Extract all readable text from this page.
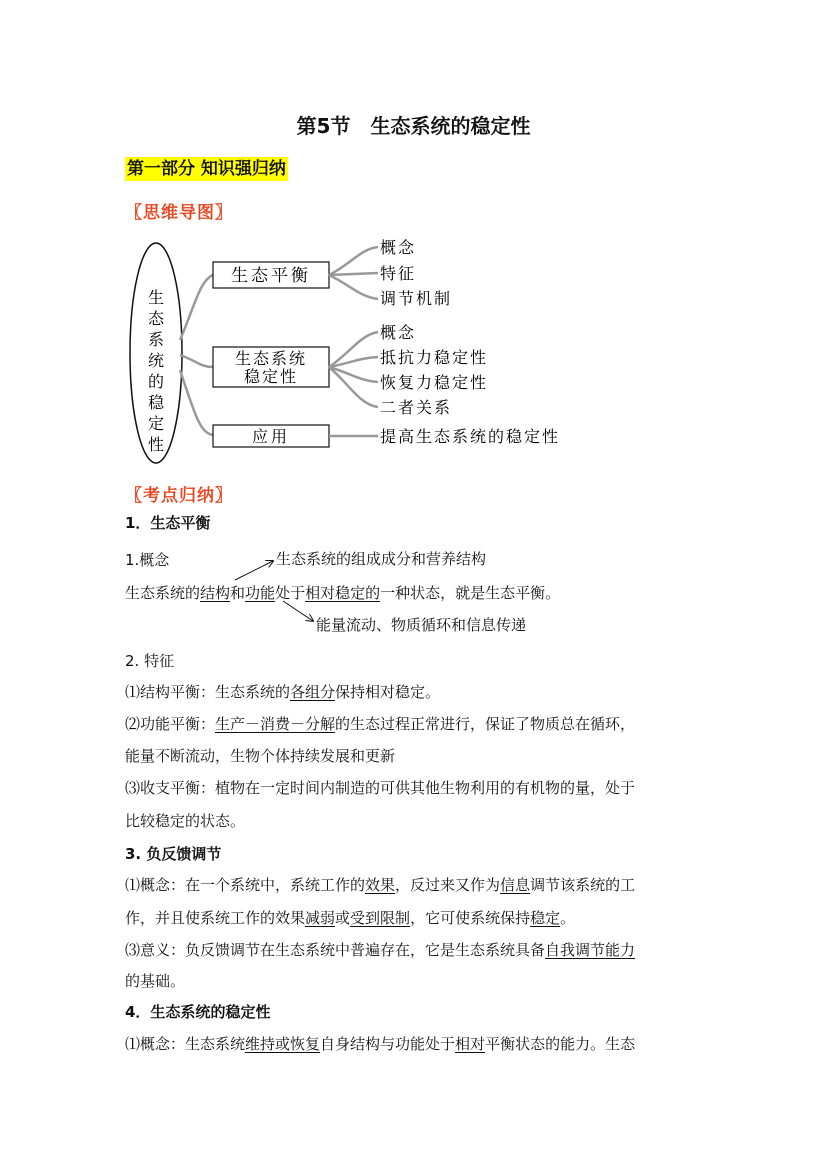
第5节　生态系统的稳定性
第一部分 知识强归纳
〖思维导图〗
生
态
系
统
的
稳
定
性
生态平衡
概念
特征
调节机制
生态系统
稳定性
概念
抵抗力稳定性
恢复力稳定性
二者关系
应用	提高生态系统的稳定性
〖考点归纳〗
1．生态平衡
1.概念	生态系统的组成成分和营养结构
生态系统的结构和功能处于相对稳定的一种状态，就是生态平衡。
能量流动、物质循环和信息传递
2. 特征
⑴结构平衡：生态系统的各组分保持相对稳定。
⑵功能平衡：生产－消费－分解的生态过程正常进行，保证了物质总在循环，
能量不断流动，生物个体持续发展和更新
⑶收支平衡：植物在一定时间内制造的可供其他生物利用的有机物的量，处于
比较稳定的状态。
3. 负反馈调节
⑴概念：在一个系统中，系统工作的效果，反过来又作为信息调节该系统的工
作，并且使系统工作的效果减弱或受到限制，它可使系统保持稳定。
⑶意义：负反馈调节在生态系统中普遍存在，它是生态系统具备自我调节能力
的基础。
4．生态系统的稳定性
⑴概念：生态系统维持或恢复自身结构与功能处于相对平衡状态的能力。生态
